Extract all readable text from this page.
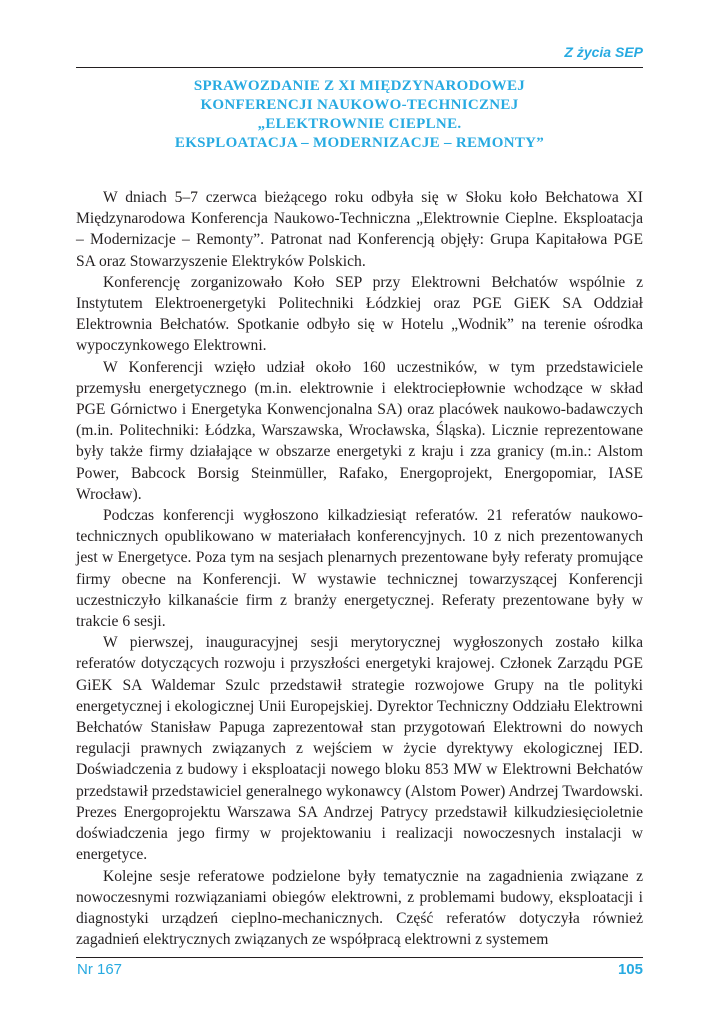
Z życia SEP
SPRAWOZDANIE Z XI MIĘDZYNARODOWEJ
KONFERENCJI NAUKOWO-TECHNICZNEJ
„ELEKTROWNIE CIEPLNE.
EKSPLOATACJA – MODERNIZACJE – REMONTY”

W dniach 5–7 czerwca bieżącego roku odbyła się w Słoku koło Bełchatowa XI Międzynarodowa Konferencja Naukowo-Techniczna „Elektrownie Cieplne. Eksploatacja – Modernizacje – Remonty”. Patronat nad Konferencją objęły: Grupa Kapitałowa PGE SA oraz Stowarzyszenie Elektryków Polskich.

Konferencję zorganizowało Koło SEP przy Elektrowni Bełchatów wspólnie z Instytutem Elektroenergetyki Politechniki Łódzkiej oraz PGE GiEK SA Oddział Elektrownia Bełchatów. Spotkanie odbyło się w Hotelu „Wodnik” na terenie ośrodka wypoczynkowego Elektrowni.

W Konferencji wzięło udział około 160 uczestników, w tym przedstawiciele przemysłu energetycznego (m.in. elektrownie i elektrociepłownie wchodzące w skład PGE Górnictwo i Energetyka Konwencjonalna SA) oraz placówek naukowo-badawczych (m.in. Politechniki: Łódzka, Warszawska, Wrocławska, Śląska). Licznie reprezentowane były także firmy działające w obszarze energetyki z kraju i zza granicy (m.in.: Alstom Power, Babcock Borsig Steinmüller, Rafako, Energoprojekt, Energopomiar, IASE Wrocław).

Podczas konferencji wygłoszono kilkadziesiąt referatów. 21 referatów naukowo-technicznych opublikowano w materiałach konferencyjnych. 10 z nich prezentowanych jest w Energetyce. Poza tym na sesjach plenarnych prezentowane były referaty promujące firmy obecne na Konferencji. W wystawie technicznej towarzyszącej Konferencji uczestniczyło kilkanaście firm z branży energetycznej. Referaty prezentowane były w trakcie 6 sesji.

W pierwszej, inauguracyjnej sesji merytorycznej wygłoszonych zostało kilka referatów dotyczących rozwoju i przyszłości energetyki krajowej. Członek Zarządu PGE GiEK SA Waldemar Szulc przedstawił strategie rozwojowe Grupy na tle polityki energetycznej i ekologicznej Unii Europejskiej. Dyrektor Techniczny Oddziału Elektrowni Bełchatów Stanisław Papuga zaprezentował stan przygotowań Elektrowni do nowych regulacji prawnych związanych z wejściem w życie dyrektywy ekologicznej IED. Doświadczenia z budowy i eksploatacji nowego bloku 853 MW w Elektrowni Bełchatów przedstawił przedstawiciel generalnego wykonawcy (Alstom Power) Andrzej Twardowski. Prezes Energoprojektu Warszawa SA Andrzej Patrycy przedstawił kilkudziesięcioletnie doświadczenia jego firmy w projektowaniu i realizacji nowoczesnych instalacji w energetyce.

Kolejne sesje referatowe podzielone były tematycznie na zagadnienia związane z nowoczesnymi rozwiązaniami obiegów elektrowni, z problemami budowy, eksploatacji i diagnostyki urządzeń cieplno-mechanicznych. Część referatów dotyczyła również zagadnień elektrycznych związanych ze współpracą elektrowni z systemem

Nr 167	105
